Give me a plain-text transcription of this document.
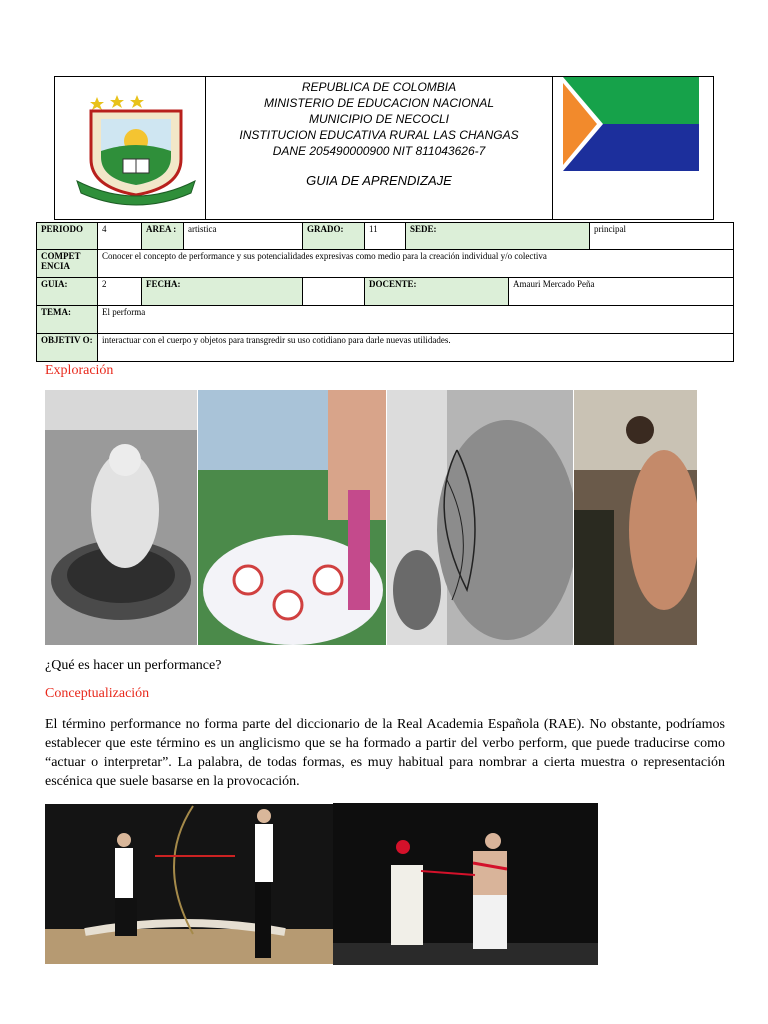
REPUBLICA DE COLOMBIA
MINISTERIO DE EDUCACION NACIONAL
MUNICIPIO DE NECOCLI
INSTITUCION EDUCATIVA RURAL LAS CHANGAS
DANE 205490000900 NIT 811043626-7
GUIA DE APRENDIZAJE
PERIODO	4	AREA :	artistica	GRADO:	11	SEDE:		principal
COMPET ENCIA	Conocer el concepto de performance y sus potencialidades expresivas como medio para la creación individual y/o colectiva							
GUIA:	2	FECHA:			DOCENTE:		Amauri Mercado Peña	
TEMA:	El performa							
OBJETIV O:	interactuar con el cuerpo y objetos para transgredir su uso cotidiano para darle nuevas utilidades.							
Exploración
¿Qué es hacer un performance?
Conceptualización
El término performance no forma parte del diccionario de la Real Academia Española (RAE). No obstante, podríamos establecer que este término es un anglicismo que se ha formado a partir del verbo perform, que puede traducirse como “actuar o interpretar”. La palabra, de todas formas, es muy habitual para nombrar a cierta muestra o representación escénica que suele basarse en la provocación.
